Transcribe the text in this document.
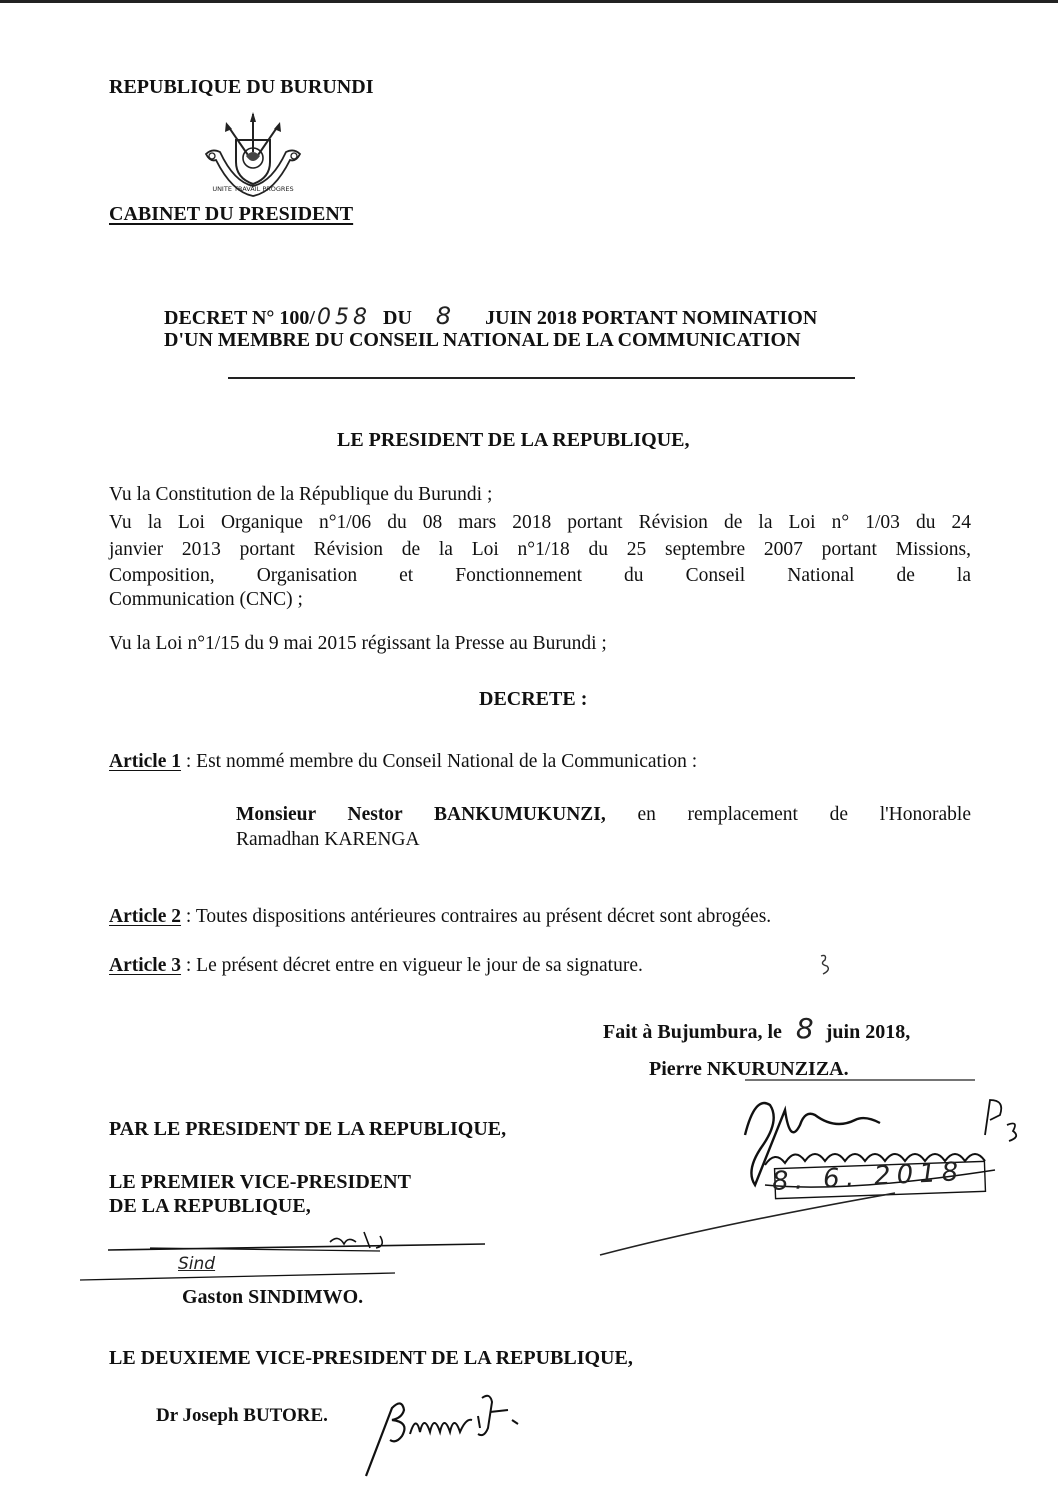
REPUBLIQUE DU BURUNDI
UNITE TRAVAIL PROGRES
CABINET DU PRESIDENT
DECRET N° 100/058 DU 8 JUIN 2018 PORTANT NOMINATION
D'UN MEMBRE DU CONSEIL NATIONAL DE LA COMMUNICATION
LE PRESIDENT DE LA REPUBLIQUE,
Vu la Constitution de la République du Burundi ;
Vu la Loi Organique n°1/06 du 08 mars 2018 portant Révision de la Loi n° 1/03 du 24
janvier 2013 portant Révision de la Loi n°1/18 du 25 septembre 2007 portant Missions,
Composition, Organisation et Fonctionnement du Conseil National de la
Communication (CNC) ;
Vu la Loi n°1/15 du 9 mai 2015 régissant la Presse au Burundi ;
DECRETE :
Article 1 : Est nommé membre du Conseil National de la Communication :
Monsieur Nestor BANKUMUKUNZI, en remplacement de l'Honorable
Ramadhan KARENGA
Article 2 : Toutes dispositions antérieures contraires au présent décret sont abrogées.
Article 3 : Le présent décret entre en vigueur le jour de sa signature.
Fait à Bujumbura, le 8 juin 2018,
Pierre NKURUNZIZA.
8. 6. 2018
PAR LE PRESIDENT DE LA REPUBLIQUE,
LE PREMIER VICE-PRESIDENT
DE LA REPUBLIQUE,
Sind
Gaston SINDIMWO.
LE DEUXIEME VICE-PRESIDENT DE LA REPUBLIQUE,
Dr Joseph BUTORE.
